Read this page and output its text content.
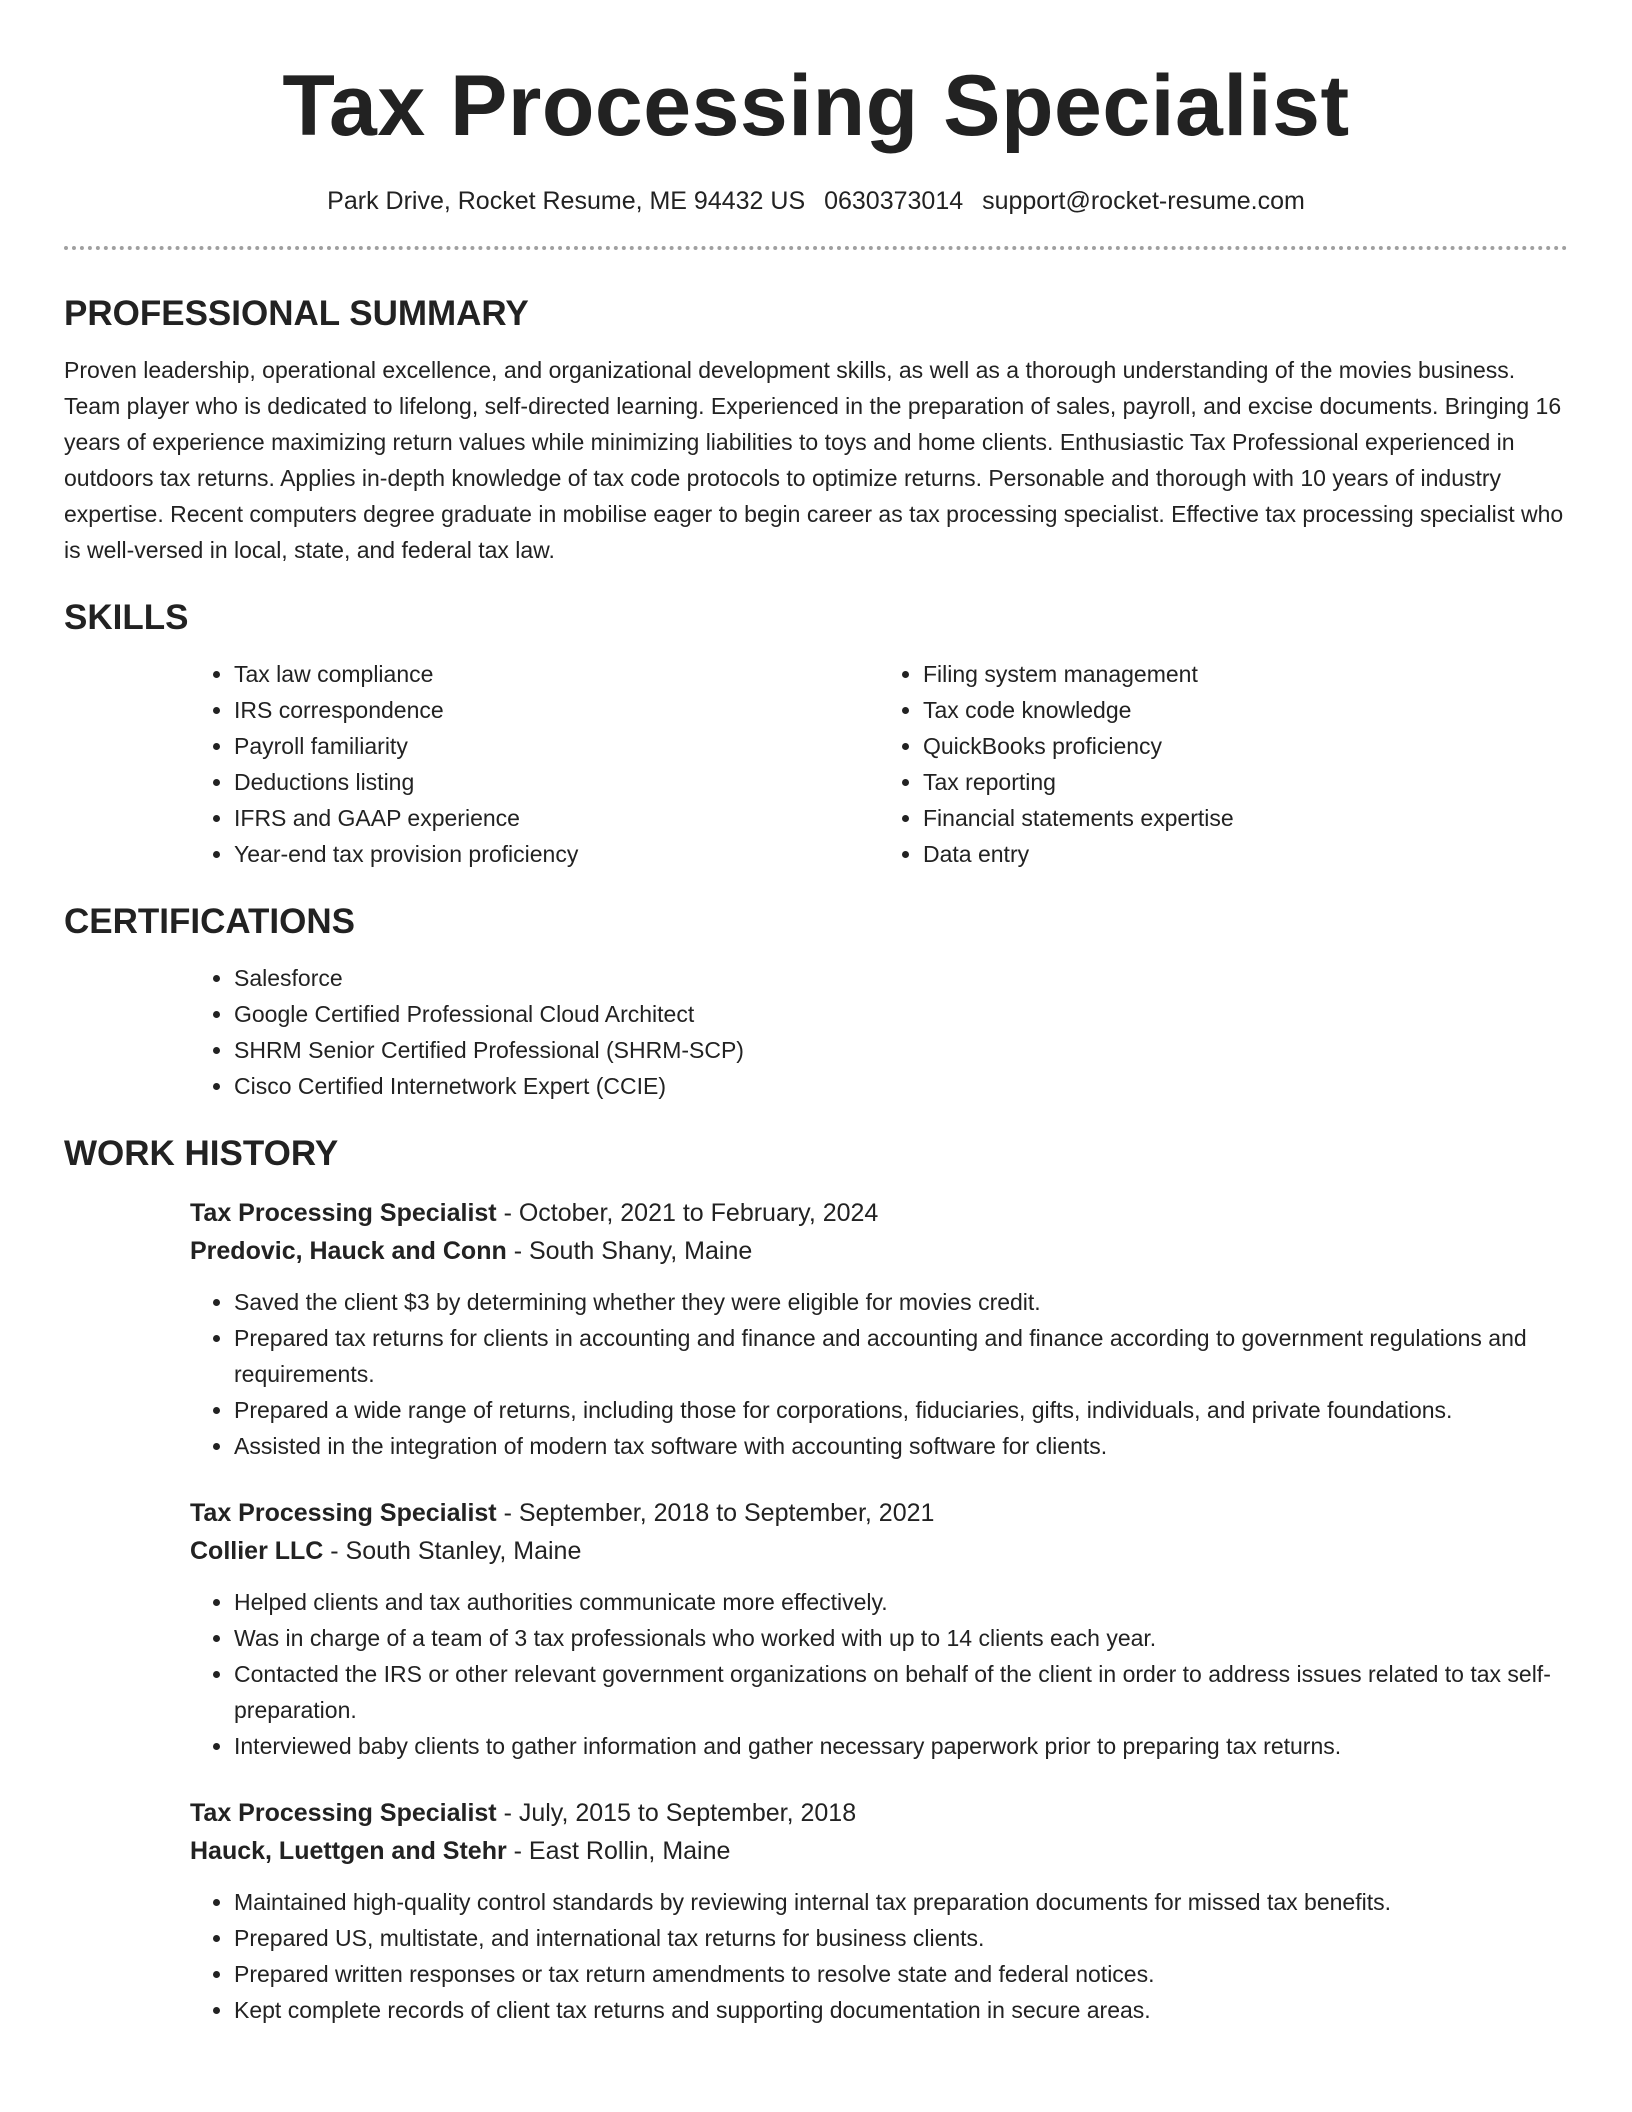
Tax Processing Specialist
Park Drive, Rocket Resume, ME 94432 US 0630373014 support@rocket-resume.com
PROFESSIONAL SUMMARY

Proven leadership, operational excellence, and organizational development skills, as well as a thorough understanding of the movies business. Team player who is dedicated to lifelong, self-directed learning. Experienced in the preparation of sales, payroll, and excise documents. Bringing 16 years of experience maximizing return values while minimizing liabilities to toys and home clients. Enthusiastic Tax Professional experienced in outdoors tax returns. Applies in-depth knowledge of tax code protocols to optimize returns. Personable and thorough with 10 years of industry expertise. Recent computers degree graduate in mobilise eager to begin career as tax processing specialist. Effective tax processing specialist who is well-versed in local, state, and federal tax law.

SKILLS
• Tax law compliance
• IRS correspondence
• Payroll familiarity
• Deductions listing
• IFRS and GAAP experience
• Year-end tax provision proficiency
• Filing system management
• Tax code knowledge
• QuickBooks proficiency
• Tax reporting
• Financial statements expertise
• Data entry
CERTIFICATIONS
• Salesforce
• Google Certified Professional Cloud Architect
• SHRM Senior Certified Professional (SHRM-SCP)
• Cisco Certified Internetwork Expert (CCIE)
WORK HISTORY
Tax Processing Specialist - October, 2021 to February, 2024
Predovic, Hauck and Conn - South Shany, Maine
• Saved the client $3 by determining whether they were eligible for movies credit.
• Prepared tax returns for clients in accounting and finance and accounting and finance according to government regulations and requirements.
• Prepared a wide range of returns, including those for corporations, fiduciaries, gifts, individuals, and private foundations.
• Assisted in the integration of modern tax software with accounting software for clients.
Tax Processing Specialist - September, 2018 to September, 2021
Collier LLC - South Stanley, Maine
• Helped clients and tax authorities communicate more effectively.
• Was in charge of a team of 3 tax professionals who worked with up to 14 clients each year.
• Contacted the IRS or other relevant government organizations on behalf of the client in order to address issues related to tax self-preparation.
• Interviewed baby clients to gather information and gather necessary paperwork prior to preparing tax returns.
Tax Processing Specialist - July, 2015 to September, 2018
Hauck, Luettgen and Stehr - East Rollin, Maine
• Maintained high-quality control standards by reviewing internal tax preparation documents for missed tax benefits.
• Prepared US, multistate, and international tax returns for business clients.
• Prepared written responses or tax return amendments to resolve state and federal notices.
• Kept complete records of client tax returns and supporting documentation in secure areas.
